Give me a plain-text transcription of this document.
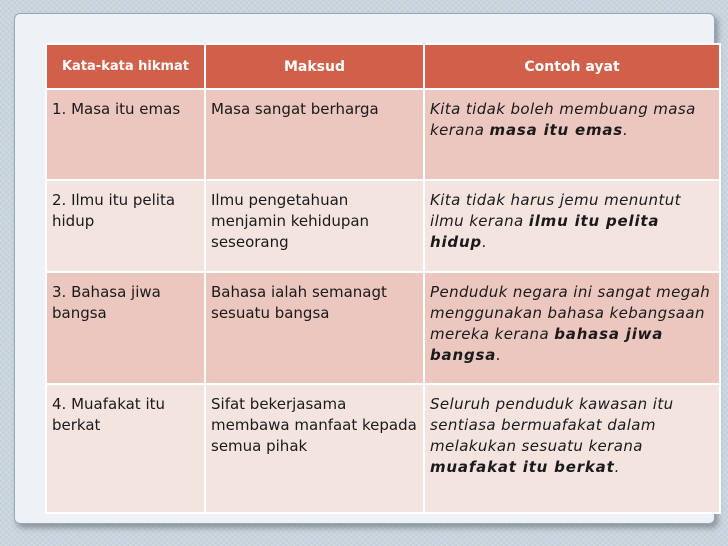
Kata-kata hikmat	Maksud	Contoh ayat
1. Masa itu emas	Masa sangat berharga	Kita tidak boleh membuang masa kerana masa itu emas.
2. Ilmu itu pelita hidup	Ilmu pengetahuan menjamin kehidupan seseorang	Kita tidak harus jemu menuntut ilmu kerana ilmu itu pelita hidup.
3. Bahasa jiwa bangsa	Bahasa ialah semanagt sesuatu bangsa	Penduduk negara ini sangat megah menggunakan bahasa kebangsaan mereka kerana bahasa jiwa bangsa.
4. Muafakat itu berkat	Sifat bekerjasama membawa manfaat kepada semua pihak	Seluruh penduduk kawasan itu sentiasa bermuafakat dalam melakukan sesuatu kerana muafakat itu berkat.
